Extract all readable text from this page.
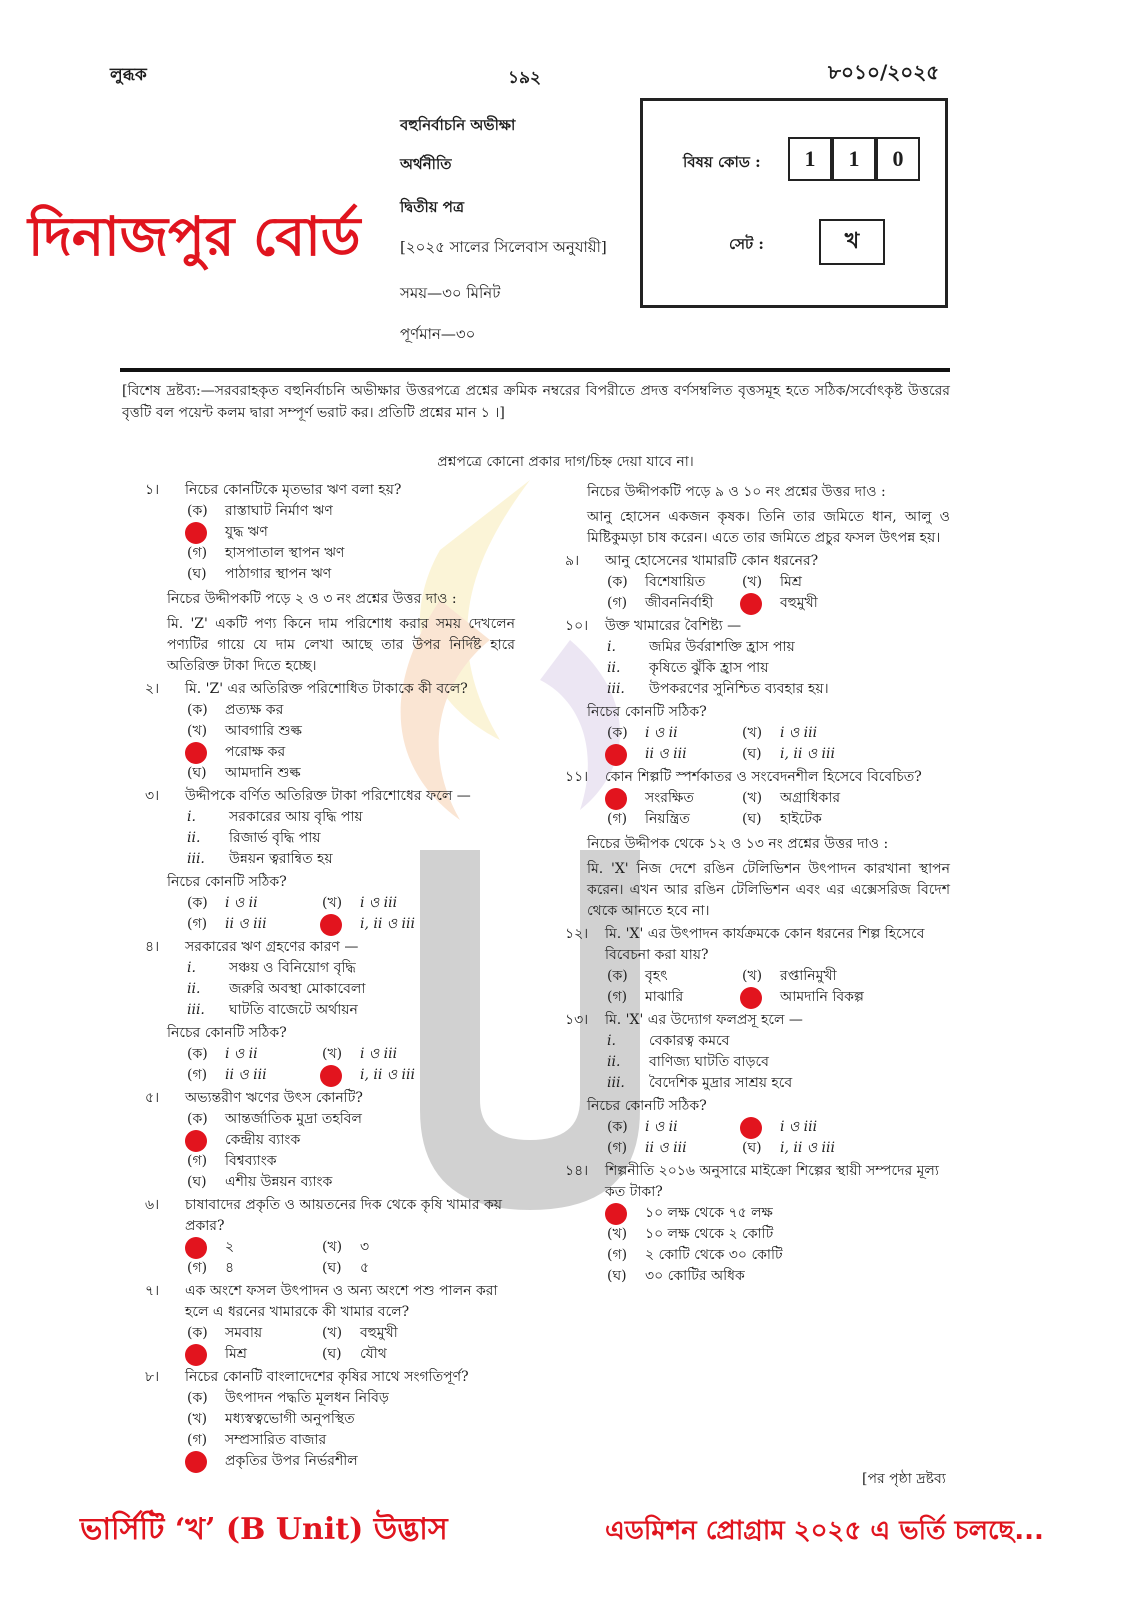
লুব্ধক	১৯২	৮০১০/২০২৫
দিনাজপুর বোর্ড
বহুনির্বাচনি অভীক্ষা
অর্থনীতি
দ্বিতীয় পত্র
[২০২৫ সালের সিলেবাস অনুযায়ী]
সময়—৩০ মিনিট
পূর্ণমান—৩০
বিষয় কোড :	1	1	0
সেট :	খ
[বিশেষ দ্রষ্টব্য:—সরবরাহকৃত বহুনির্বাচনি অভীক্ষার উত্তরপত্রে প্রশ্নের ক্রমিক নম্বরের বিপরীতে প্রদত্ত বর্ণসম্বলিত বৃত্তসমূহ হতে সঠিক/সর্বোৎকৃষ্ট উত্তরের বৃত্তটি বল পয়েন্ট কলম দ্বারা সম্পূর্ণ ভরাট কর। প্রতিটি প্রশ্নের মান ১ ।]
প্রশ্নপত্রে কোনো প্রকার দাগ/চিহ্ন দেয়া যাবে না।
১।	নিচের কোনটিকে মৃতভার ঋণ বলা হয়?
(ক)	রাস্তাঘাট নির্মাণ ঋণ
যুদ্ধ ঋণ
(গ)	হাসপাতাল স্থাপন ঋণ
(ঘ)	পাঠাগার স্থাপন ঋণ
নিচের উদ্দীপকটি পড়ে ২ ও ৩ নং প্রশ্নের উত্তর দাও :
মি. 'Z' একটি পণ্য কিনে দাম পরিশোধ করার সময় দেখলেন পণ্যটির গায়ে যে দাম লেখা আছে তার উপর নির্দিষ্ট হারে অতিরিক্ত টাকা দিতে হচ্ছে।
২।	মি. 'Z' এর অতিরিক্ত পরিশোধিত টাকাকে কী বলে?
(ক)	প্রত্যক্ষ কর
(খ)	আবগারি শুল্ক
পরোক্ষ কর
(ঘ)	আমদানি শুল্ক
৩।	উদ্দীপকে বর্ণিত অতিরিক্ত টাকা পরিশোধের ফলে —
i.	সরকারের আয় বৃদ্ধি পায়
ii.	রিজার্ভ বৃদ্ধি পায়
iii.	উন্নয়ন ত্বরান্বিত হয়
নিচের কোনটি সঠিক?
(ক)	i ও ii	(খ)	i ও iii
(গ)	ii ও iii	i, ii ও iii
৪।	সরকারের ঋণ গ্রহণের কারণ —
i.	সঞ্চয় ও বিনিয়োগ বৃদ্ধি
ii.	জরুরি অবস্থা মোকাবেলা
iii.	ঘাটতি বাজেটে অর্থায়ন
নিচের কোনটি সঠিক?
(ক)	i ও ii	(খ)	i ও iii
(গ)	ii ও iii	i, ii ও iii
৫।	অভ্যন্তরীণ ঋণের উৎস কোনটি?
(ক)	আন্তর্জাতিক মুদ্রা তহবিল
কেন্দ্রীয় ব্যাংক
(গ)	বিশ্বব্যাংক
(ঘ)	এশীয় উন্নয়ন ব্যাংক
৬।	চাষাবাদের প্রকৃতি ও আয়তনের দিক থেকে কৃষি খামার কয় প্রকার?
২	(খ)	৩
(গ)	৪	(ঘ)	৫
৭।	এক অংশে ফসল উৎপাদন ও অন্য অংশে পশু পালন করা হলে এ ধরনের খামারকে কী খামার বলে?
(ক)	সমবায়	(খ)	বহুমুখী
মিশ্র	(ঘ)	যৌথ
৮।	নিচের কোনটি বাংলাদেশের কৃষির সাথে সংগতিপূর্ণ?
(ক)	উৎপাদন পদ্ধতি মূলধন নিবিড়
(খ)	মধ্যস্বত্বভোগী অনুপস্থিত
(গ)	সম্প্রসারিত বাজার
প্রকৃতির উপর নির্ভরশীল
নিচের উদ্দীপকটি পড়ে ৯ ও ১০ নং প্রশ্নের উত্তর দাও :
আনু হোসেন একজন কৃষক। তিনি তার জমিতে ধান, আলু ও মিষ্টিকুমড়া চাষ করেন। এতে তার জমিতে প্রচুর ফসল উৎপন্ন হয়।
৯।	আনু হোসেনের খামারটি কোন ধরনের?
(ক)	বিশেষায়িত	(খ)	মিশ্র
(গ)	জীবননির্বাহী	বহুমুখী
১০।	উক্ত খামারের বৈশিষ্ট্য —
i.	জমির উর্বরাশক্তি হ্রাস পায়
ii.	কৃষিতে ঝুঁকি হ্রাস পায়
iii.	উপকরণের সুনিশ্চিত ব্যবহার হয়।
নিচের কোনটি সঠিক?
(ক)	i ও ii	(খ)	i ও iii
ii ও iii	(ঘ)	i, ii ও iii
১১।	কোন শিল্পটি স্পর্শকাতর ও সংবেদনশীল হিসেবে বিবেচিত?
সংরক্ষিত	(খ)	অগ্রাধিকার
(গ)	নিয়ন্ত্রিত	(ঘ)	হাইটেক
নিচের উদ্দীপক থেকে ১২ ও ১৩ নং প্রশ্নের উত্তর দাও :
মি. 'X' নিজ দেশে রঙিন টেলিভিশন উৎপাদন কারখানা স্থাপন করেন। এখন আর রঙিন টেলিভিশন এবং এর এক্সেসরিজ বিদেশ থেকে আনতে হবে না।
১২।	মি. 'X' এর উৎপাদন কার্যক্রমকে কোন ধরনের শিল্প হিসেবে বিবেচনা করা যায়?
(ক)	বৃহৎ	(খ)	রপ্তানিমুখী
(গ)	মাঝারি	আমদানি বিকল্প
১৩।	মি. 'X' এর উদ্যোগ ফলপ্রসূ হলে —
i.	বেকারত্ব কমবে
ii.	বাণিজ্য ঘাটতি বাড়বে
iii.	বৈদেশিক মুদ্রার সাশ্রয় হবে
নিচের কোনটি সঠিক?
(ক)	i ও ii	i ও iii
(গ)	ii ও iii	(ঘ)	i, ii ও iii
১৪।	শিল্পনীতি ২০১৬ অনুসারে মাইক্রো শিল্পের স্থায়ী সম্পদের মূল্য কত টাকা?
১০ লক্ষ থেকে ৭৫ লক্ষ
(খ)	১০ লক্ষ থেকে ২ কোটি
(গ)	২ কোটি থেকে ৩০ কোটি
(ঘ)	৩০ কোটির অধিক
[পর পৃষ্ঠা দ্রষ্টব্য
ভার্সিটি ‘খ’ (B Unit) উদ্ভাস	এডমিশন প্রোগ্রাম ২০২৫ এ ভর্তি চলছে...
